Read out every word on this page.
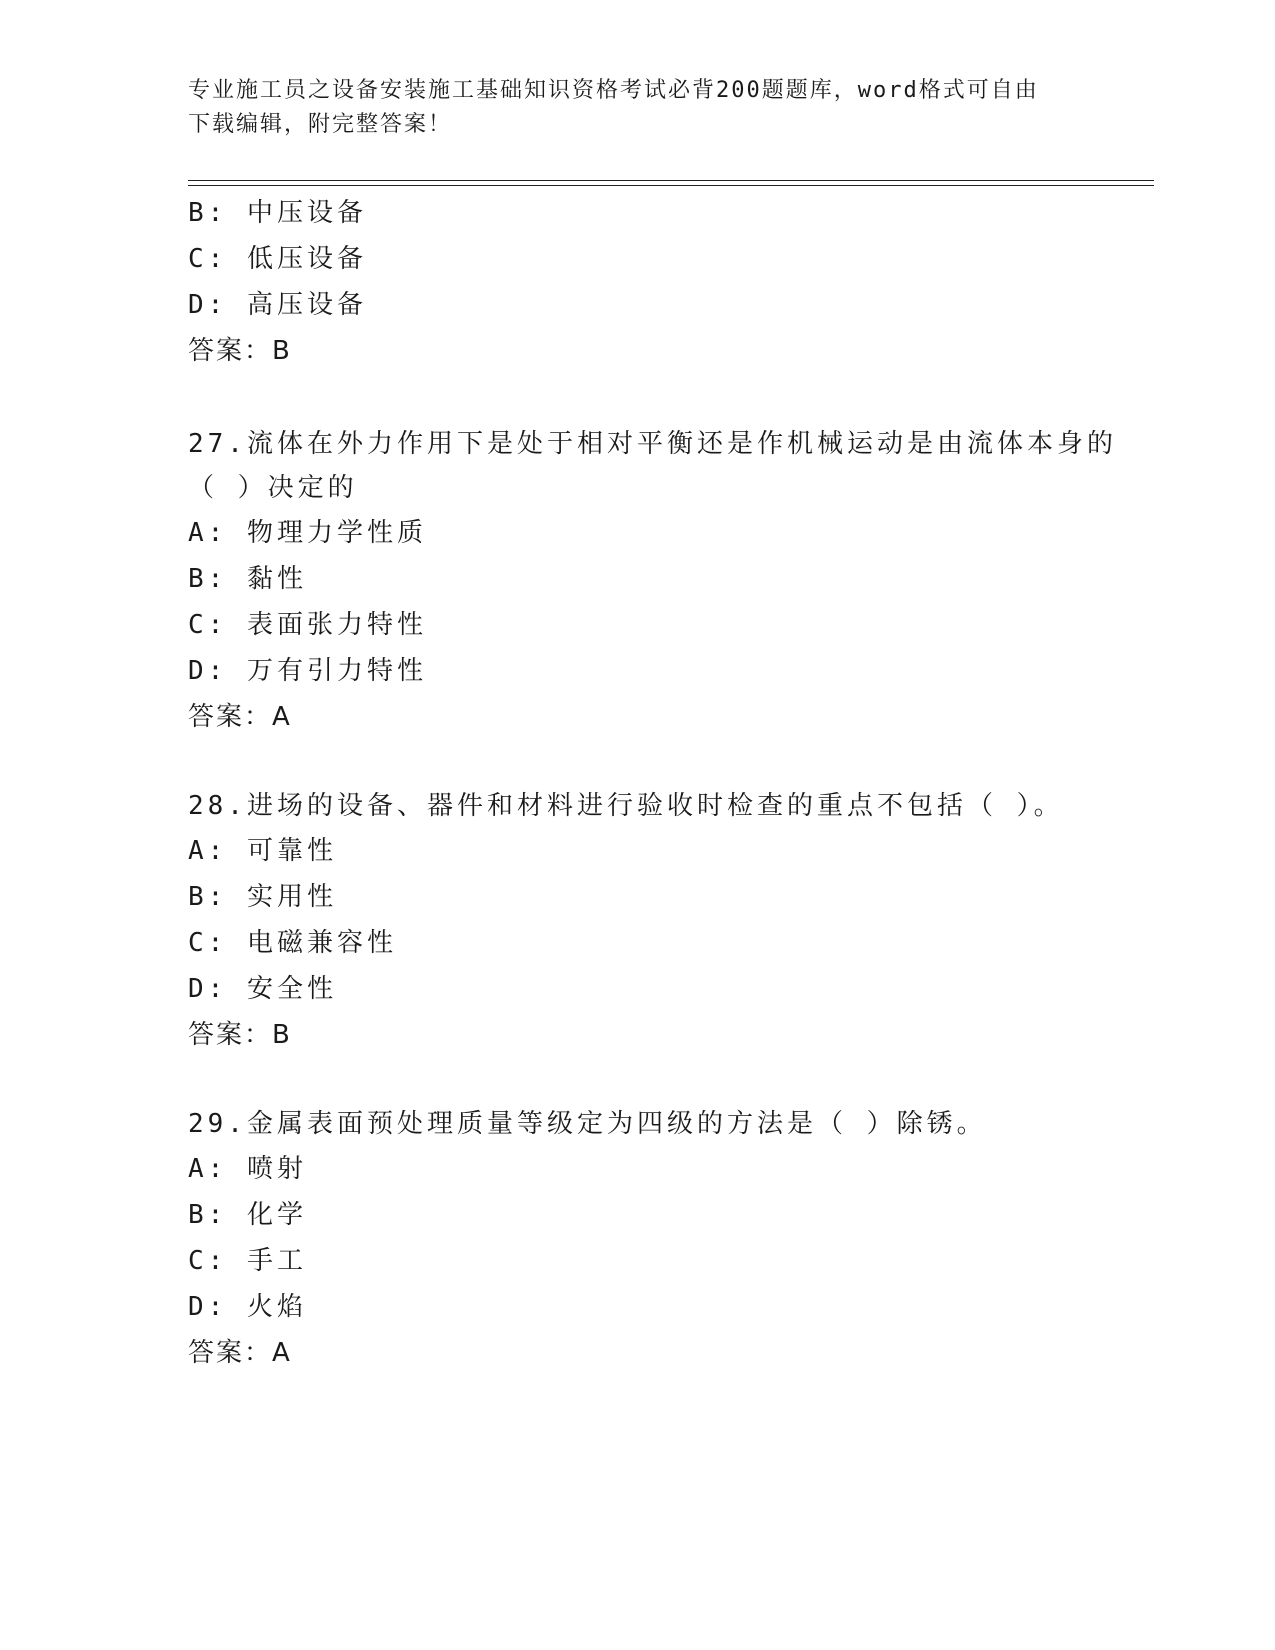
专业施工员之设备安装施工基础知识资格考试必背200题题库，word格式可自由
下载编辑，附完整答案！
B: 中压设备
C: 低压设备
D: 高压设备
答案：B
27.流体在外力作用下是处于相对平衡还是作机械运动是由流体本身的
（ ）决定的
A: 物理力学性质
B: 黏性
C: 表面张力特性
D: 万有引力特性
答案：A
28.进场的设备、器件和材料进行验收时检查的重点不包括（ ）。
A: 可靠性
B: 实用性
C: 电磁兼容性
D: 安全性
答案：B
29.金属表面预处理质量等级定为四级的方法是（ ）除锈。
A: 喷射
B: 化学
C: 手工
D: 火焰
答案：A
